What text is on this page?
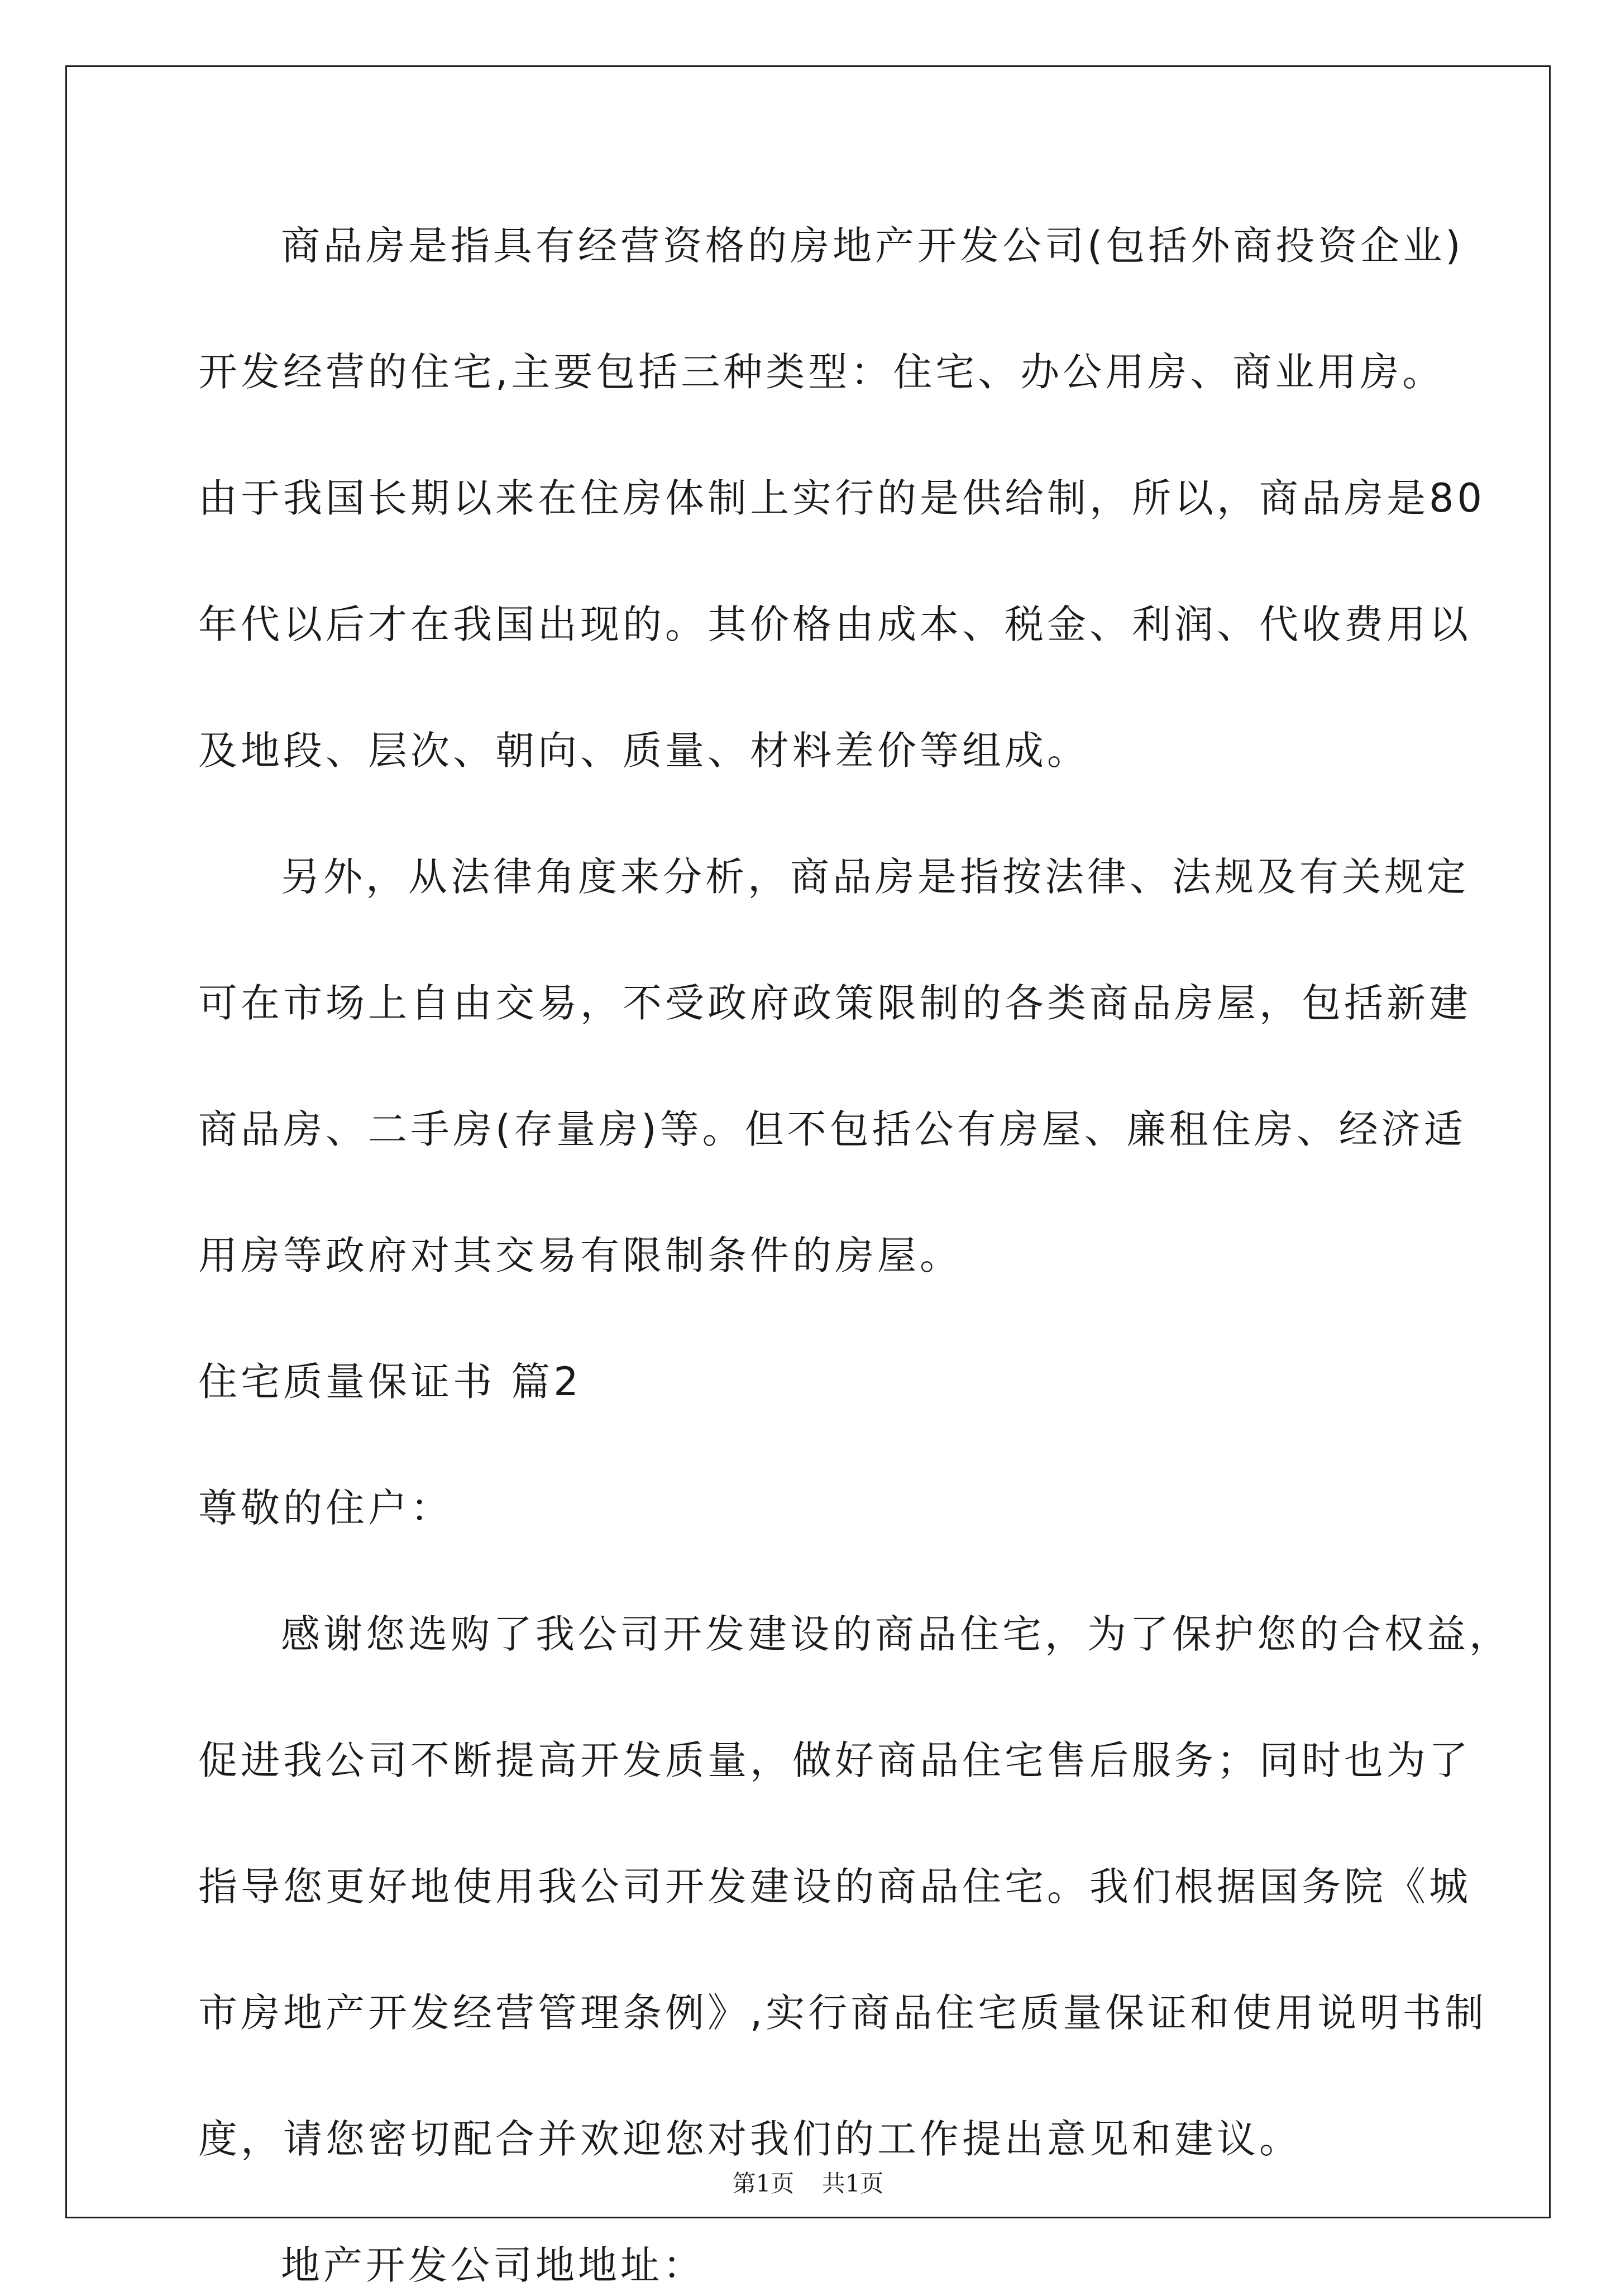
商品房是指具有经营资格的房地产开发公司(包括外商投资企业)
开发经营的住宅,主要包括三种类型：住宅、办公用房、商业用房。
由于我国长期以来在住房体制上实行的是供给制，所以，商品房是80
年代以后才在我国出现的。其价格由成本、税金、利润、代收费用以
及地段、层次、朝向、质量、材料差价等组成。
另外，从法律角度来分析，商品房是指按法律、法规及有关规定
可在市场上自由交易，不受政府政策限制的各类商品房屋，包括新建
商品房、二手房(存量房)等。但不包括公有房屋、廉租住房、经济适
用房等政府对其交易有限制条件的房屋。
住宅质量保证书 篇2
尊敬的住户：
感谢您选购了我公司开发建设的商品住宅，为了保护您的合权益，
促进我公司不断提高开发质量，做好商品住宅售后服务；同时也为了
指导您更好地使用我公司开发建设的商品住宅。我们根据国务院《城
市房地产开发经营管理条例》,实行商品住宅质量保证和使用说明书制
度，请您密切配合并欢迎您对我们的工作提出意见和建议。
地产开发公司地地址：
第1页 共1页
